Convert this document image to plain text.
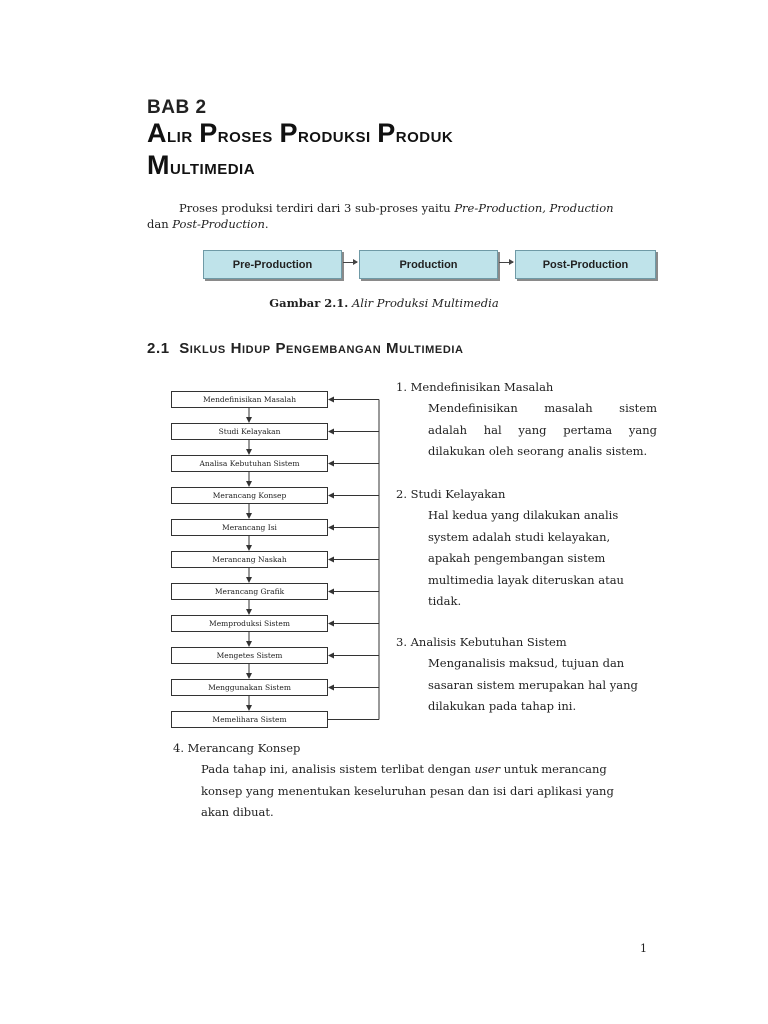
BAB 2
Alir Proses Produksi Produk
Multimedia
Proses produksi terdiri dari 3 sub-proses yaitu Pre-Production, Production
dan Post-Production.
Pre-Production	Production	Post-Production
Gambar 2.1. Alir Produksi Multimedia
2.1 Siklus Hidup Pengembangan Multimedia
Mendefinisikan Masalah
Studi Kelayakan
Analisa Kebutuhan Sistem
Merancang Konsep
Merancang Isi
Merancang Naskah
Merancang Grafik
Memproduksi Sistem
Mengetes Sistem
Menggunakan Sistem
Memelihara Sistem
1. Mendefinisikan Masalah
Mendefinisikan masalah sistem
adalah hal yang pertama yang
dilakukan oleh seorang analis sistem.
2. Studi Kelayakan
Hal kedua yang dilakukan analis
system adalah studi kelayakan,
apakah pengembangan sistem
multimedia layak diteruskan atau
tidak.
3. Analisis Kebutuhan Sistem
Menganalisis maksud, tujuan dan
sasaran sistem merupakan hal yang
dilakukan pada tahap ini.
4. Merancang Konsep
Pada tahap ini, analisis sistem terlibat dengan user untuk merancang
konsep yang menentukan keseluruhan pesan dan isi dari aplikasi yang
akan dibuat.
1
